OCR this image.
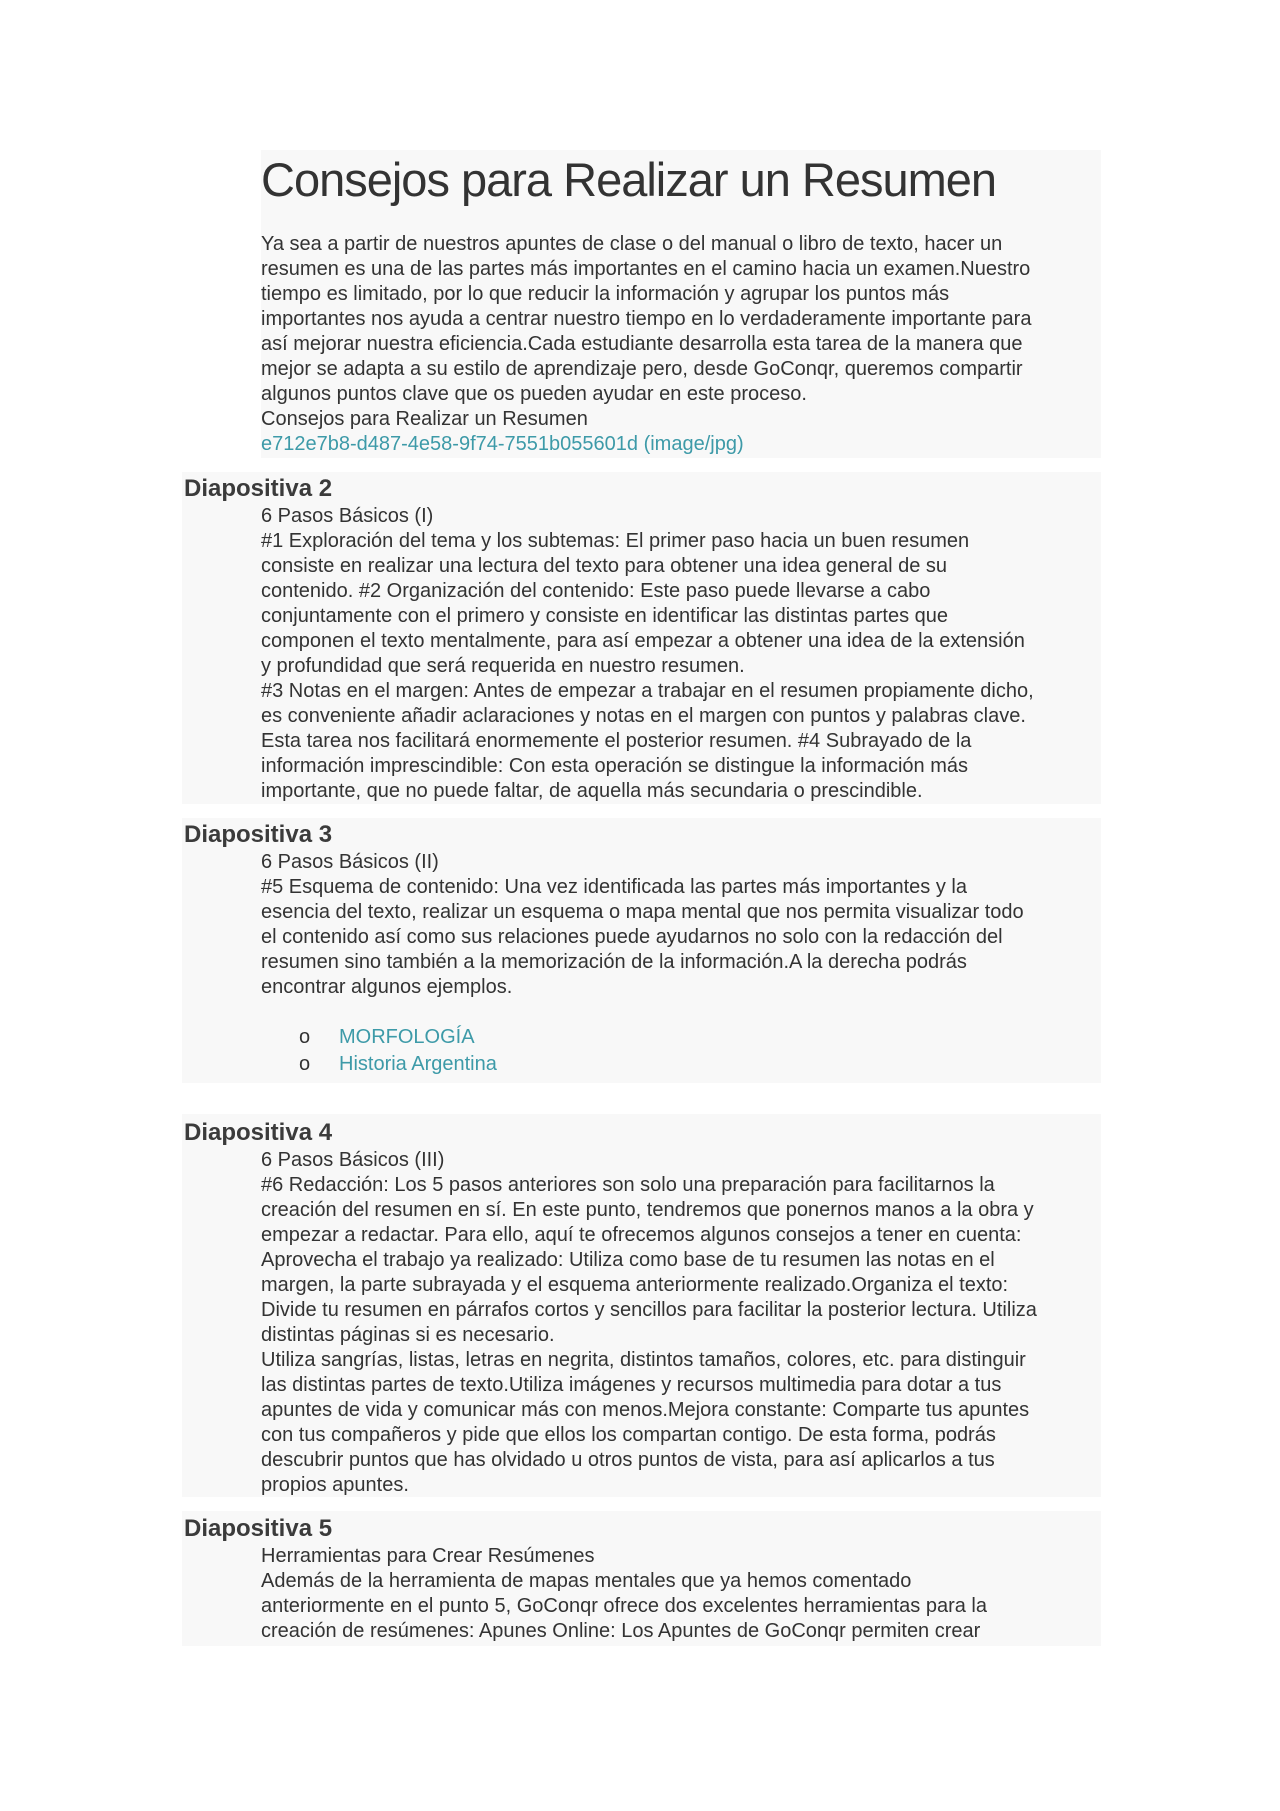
Consejos para Realizar un Resumen
Ya sea a partir de nuestros apuntes de clase o del manual o libro de texto, hacer un
resumen es una de las partes más importantes en el camino hacia un examen.Nuestro
tiempo es limitado, por lo que reducir la información y agrupar los puntos más
importantes nos ayuda a centrar nuestro tiempo en lo verdaderamente importante para
así mejorar nuestra eficiencia.Cada estudiante desarrolla esta tarea de la manera que
mejor se adapta a su estilo de aprendizaje pero, desde GoConqr, queremos compartir
algunos puntos clave que os pueden ayudar en este proceso.
Consejos para Realizar un Resumen
e712e7b8-d487-4e58-9f74-7551b055601d (image/jpg)
Diapositiva 2
6 Pasos Básicos (I)
#1 Exploración del tema y los subtemas: El primer paso hacia un buen resumen
consiste en realizar una lectura del texto para obtener una idea general de su
contenido. #2 Organización del contenido: Este paso puede llevarse a cabo
conjuntamente con el primero y consiste en identificar las distintas partes que
componen el texto mentalmente, para así empezar a obtener una idea de la extensión
y profundidad que será requerida en nuestro resumen.
#3 Notas en el margen: Antes de empezar a trabajar en el resumen propiamente dicho,
es conveniente añadir aclaraciones y notas en el margen con puntos y palabras clave.
Esta tarea nos facilitará enormemente el posterior resumen. #4 Subrayado de la
información imprescindible: Con esta operación se distingue la información más
importante, que no puede faltar, de aquella más secundaria o prescindible.
Diapositiva 3
6 Pasos Básicos (II)
#5 Esquema de contenido: Una vez identificada las partes más importantes y la
esencia del texto, realizar un esquema o mapa mental que nos permita visualizar todo
el contenido así como sus relaciones puede ayudarnos no solo con la redacción del
resumen sino también a la memorización de la información.A la derecha podrás
encontrar algunos ejemplos.
o	MORFOLOGÍA
o	Historia Argentina
Diapositiva 4
6 Pasos Básicos (III)
#6 Redacción: Los 5 pasos anteriores son solo una preparación para facilitarnos la
creación del resumen en sí. En este punto, tendremos que ponernos manos a la obra y
empezar a redactar. Para ello, aquí te ofrecemos algunos consejos a tener en cuenta:
Aprovecha el trabajo ya realizado: Utiliza como base de tu resumen las notas en el
margen, la parte subrayada y el esquema anteriormente realizado.Organiza el texto:
Divide tu resumen en párrafos cortos y sencillos para facilitar la posterior lectura. Utiliza
distintas páginas si es necesario.
Utiliza sangrías, listas, letras en negrita, distintos tamaños, colores, etc. para distinguir
las distintas partes de texto.Utiliza imágenes y recursos multimedia para dotar a tus
apuntes de vida y comunicar más con menos.Mejora constante: Comparte tus apuntes
con tus compañeros y pide que ellos los compartan contigo. De esta forma, podrás
descubrir puntos que has olvidado u otros puntos de vista, para así aplicarlos a tus
propios apuntes.
Diapositiva 5
Herramientas para Crear Resúmenes
Además de la herramienta de mapas mentales que ya hemos comentado
anteriormente en el punto 5, GoConqr ofrece dos excelentes herramientas para la
creación de resúmenes: Apunes Online: Los Apuntes de GoConqr permiten crear
